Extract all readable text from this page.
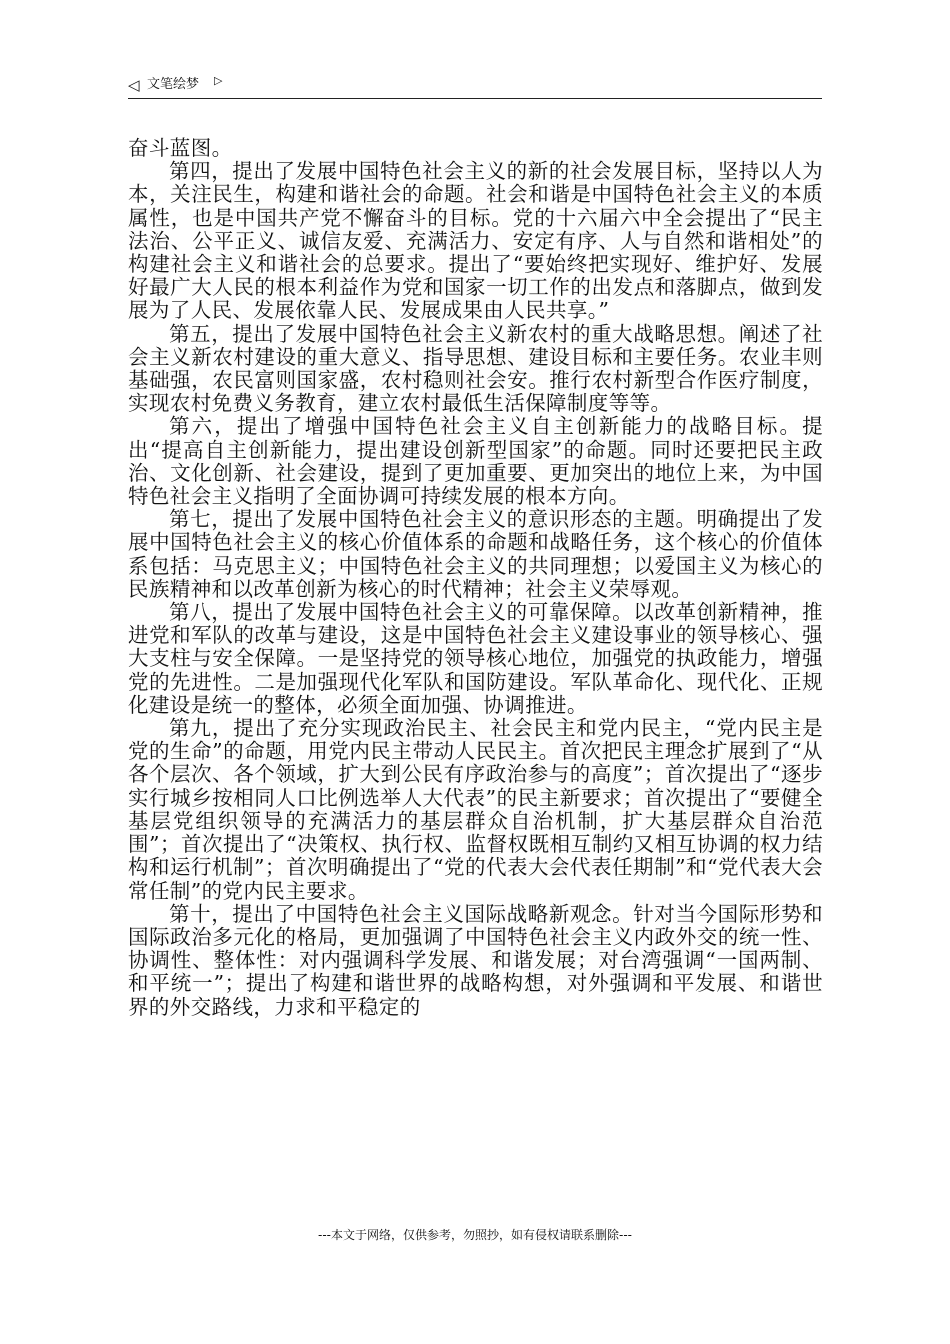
◁ 文笔绘梦 ▷

奋斗蓝图。

第四，提出了发展中国特色社会主义的新的社会发展目标，坚持以人为本，关注民生，构建和谐社会的命题。社会和谐是中国特色社会主义的本质属性，也是中国共产党不懈奋斗的目标。党的十六届六中全会提出了“民主法治、公平正义、诚信友爱、充满活力、安定有序、人与自然和谐相处”的构建社会主义和谐社会的总要求。提出了“要始终把实现好、维护好、发展好最广大人民的根本利益作为党和国家一切工作的出发点和落脚点，做到发展为了人民、发展依靠人民、发展成果由人民共享。”

第五，提出了发展中国特色社会主义新农村的重大战略思想。阐述了社会主义新农村建设的重大意义、指导思想、建设目标和主要任务。农业丰则基础强，农民富则国家盛，农村稳则社会安。推行农村新型合作医疗制度，实现农村免费义务教育，建立农村最低生活保障制度等等。

第六，提出了增强中国特色社会主义自主创新能力的战略目标。提出“提高自主创新能力，提出建设创新型国家”的命题。同时还要把民主政治、文化创新、社会建设，提到了更加重要、更加突出的地位上来，为中国特色社会主义指明了全面协调可持续发展的根本方向。

第七，提出了发展中国特色社会主义的意识形态的主题。明确提出了发展中国特色社会主义的核心价值体系的命题和战略任务，这个核心的价值体系包括：马克思主义；中国特色社会主义的共同理想；以爱国主义为核心的民族精神和以改革创新为核心的时代精神；社会主义荣辱观。

第八，提出了发展中国特色社会主义的可靠保障。以改革创新精神，推进党和军队的改革与建设，这是中国特色社会主义建设事业的领导核心、强大支柱与安全保障。一是坚持党的领导核心地位，加强党的执政能力，增强党的先进性。二是加强现代化军队和国防建设。军队革命化、现代化、正规化建设是统一的整体，必须全面加强、协调推进。

第九，提出了充分实现政治民主、社会民主和党内民主，“党内民主是党的生命”的命题，用党内民主带动人民民主。首次把民主理念扩展到了“从各个层次、各个领域，扩大到公民有序政治参与的高度”；首次提出了“逐步实行城乡按相同人口比例选举人大代表”的民主新要求；首次提出了“要健全基层党组织领导的充满活力的基层群众自治机制，扩大基层群众自治范围”；首次提出了“决策权、执行权、监督权既相互制约又相互协调的权力结构和运行机制”；首次明确提出了“党的代表大会代表任期制”和“党代表大会常任制”的党内民主要求。

第十，提出了中国特色社会主义国际战略新观念。针对当今国际形势和国际政治多元化的格局，更加强调了中国特色社会主义内政外交的统一性、协调性、整体性：对内强调科学发展、和谐发展；对台湾强调“一国两制、和平统一”；提出了构建和谐世界的战略构想，对外强调和平发展、和谐世界的外交路线，力求和平稳定的

---本文于网络，仅供参考，勿照抄，如有侵权请联系删除---
